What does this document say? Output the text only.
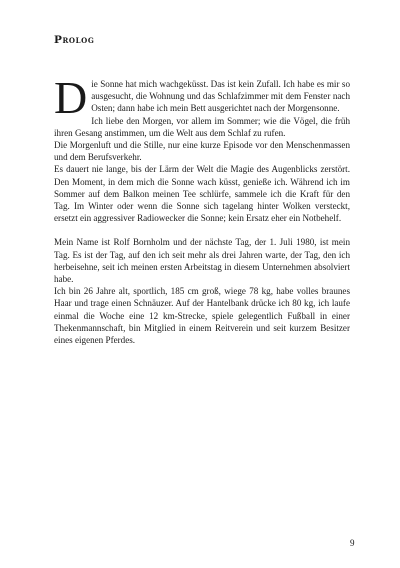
Prolog

Die Sonne hat mich wachgeküsst. Das ist kein Zufall. Ich habe es mir so ausgesucht, die Wohnung und das Schlafzimmer mit dem Fenster nach Osten; dann habe ich mein Bett ausgerichtet nach der Morgensonne.

Ich liebe den Morgen, vor allem im Sommer; wie die Vögel, die früh ihren Gesang anstimmen, um die Welt aus dem Schlaf zu rufen.

Die Morgenluft und die Stille, nur eine kurze Episode vor den Menschenmassen und dem Berufsverkehr.

Es dauert nie lange, bis der Lärm der Welt die Magie des Augenblicks zerstört. Den Moment, in dem mich die Sonne wach küsst, genieße ich. Während ich im Sommer auf dem Balkon meinen Tee schlürfe, sammele ich die Kraft für den Tag. Im Winter oder wenn die Sonne sich tagelang hinter Wolken versteckt, ersetzt ein aggressiver Radiowecker die Sonne; kein Ersatz eher ein Notbehelf.

Mein Name ist Rolf Bornholm und der nächste Tag, der 1. Juli 1980, ist mein Tag. Es ist der Tag, auf den ich seit mehr als drei Jahren warte, der Tag, den ich herbeisehne, seit ich meinen ersten Arbeitstag in diesem Unternehmen absolviert habe.

Ich bin 26 Jahre alt, sportlich, 185 cm groß, wiege 78 kg, habe volles braunes Haar und trage einen Schnäuzer. Auf der Hantelbank drücke ich 80 kg, ich laufe einmal die Woche eine 12 km-Strecke, spiele gelegentlich Fußball in einer Thekenmannschaft, bin Mitglied in einem Reitverein und seit kurzem Besitzer eines eigenen Pferdes.

9
